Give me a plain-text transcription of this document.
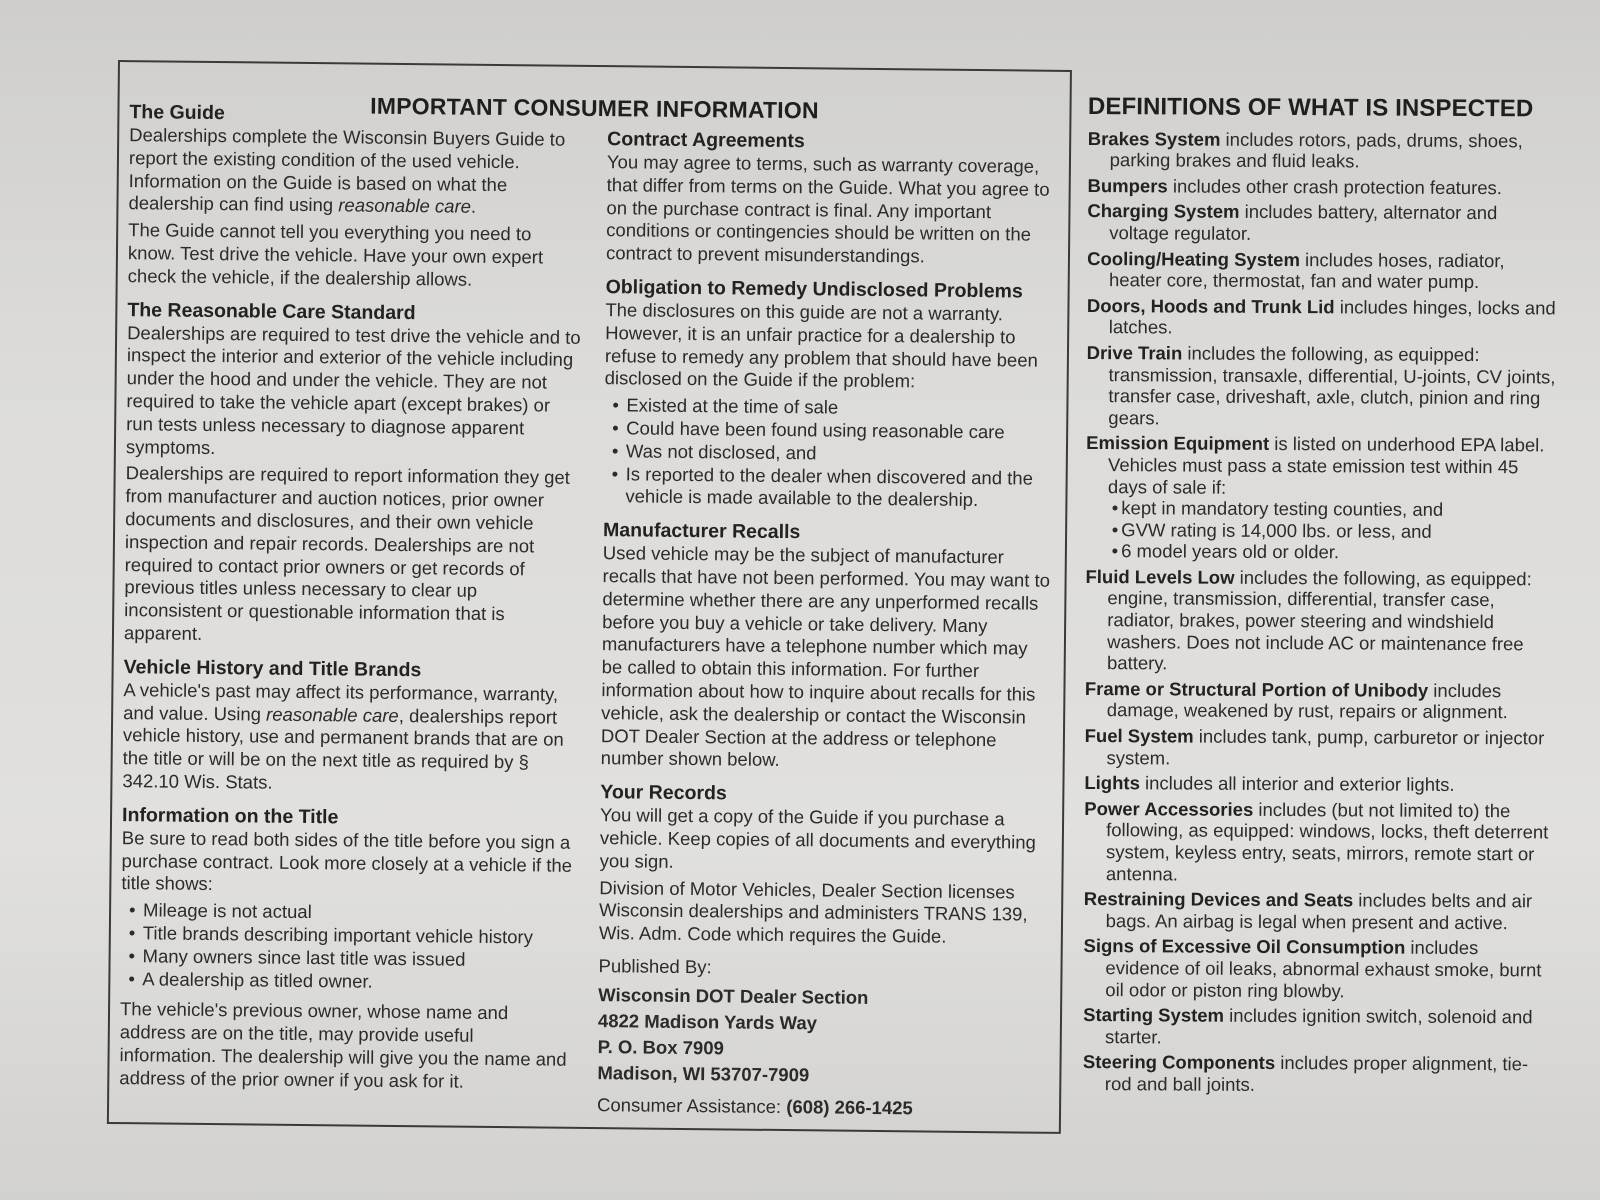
IMPORTANT CONSUMER INFORMATION
The Guide

Dealerships complete the Wisconsin Buyers Guide to report the existing condition of the used vehicle. Information on the Guide is based on what the dealership can find using reasonable care.

The Guide cannot tell you everything you need to know. Test drive the vehicle. Have your own expert check the vehicle, if the dealership allows.

The Reasonable Care Standard

Dealerships are required to test drive the vehicle and to inspect the interior and exterior of the vehicle including under the hood and under the vehicle. They are not required to take the vehicle apart (except brakes) or run tests unless necessary to diagnose apparent symptoms.

Dealerships are required to report information they get from manufacturer and auction notices, prior owner documents and disclosures, and their own vehicle inspection and repair records. Dealerships are not required to contact prior owners or get records of previous titles unless necessary to clear up inconsistent or questionable information that is apparent.

Vehicle History and Title Brands

A vehicle's past may affect its performance, warranty, and value. Using reasonable care, dealerships report vehicle history, use and permanent brands that are on the title or will be on the next title as required by § 342.10 Wis. Stats.

Information on the Title

Be sure to read both sides of the title before you sign a purchase contract. Look more closely at a vehicle if the title shows:

• Mileage is not actual
• Title brands describing important vehicle history
• Many owners since last title was issued
• A dealership as titled owner.

The vehicle's previous owner, whose name and address are on the title, may provide useful information. The dealership will give you the name and address of the prior owner if you ask for it.

Contract Agreements

You may agree to terms, such as warranty coverage, that differ from terms on the Guide. What you agree to on the purchase contract is final. Any important conditions or contingencies should be written on the contract to prevent misunderstandings.

Obligation to Remedy Undisclosed Problems

The disclosures on this guide are not a warranty. However, it is an unfair practice for a dealership to refuse to remedy any problem that should have been disclosed on the Guide if the problem:

• Existed at the time of sale
• Could have been found using reasonable care
• Was not disclosed, and
• Is reported to the dealer when discovered and the vehicle is made available to the dealership.
Manufacturer Recalls

Used vehicle may be the subject of manufacturer recalls that have not been performed. You may want to determine whether there are any unperformed recalls before you buy a vehicle or take delivery. Many manufacturers have a telephone number which may be called to obtain this information. For further information about how to inquire about recalls for this vehicle, ask the dealership or contact the Wisconsin DOT Dealer Section at the address or telephone number shown below.

Your Records

You will get a copy of the Guide if you purchase a vehicle. Keep copies of all documents and everything you sign.

Division of Motor Vehicles, Dealer Section licenses Wisconsin dealerships and administers TRANS 139, Wis. Adm. Code which requires the Guide.

Published By:

Wisconsin DOT Dealer Section
4822 Madison Yards Way
P. O. Box 7909
Madison, WI 53707-7909

Consumer Assistance: (608) 266-1425

DEFINITIONS OF WHAT IS INSPECTED

Brakes System includes rotors, pads, drums, shoes, parking brakes and fluid leaks.

Bumpers includes other crash protection features.

Charging System includes battery, alternator and voltage regulator.

Cooling/Heating System includes hoses, radiator, heater core, thermostat, fan and water pump.

Doors, Hoods and Trunk Lid includes hinges, locks and latches.

Drive Train includes the following, as equipped: transmission, transaxle, differential, U-joints, CV joints, transfer case, driveshaft, axle, clutch, pinion and ring gears.

Emission Equipment is listed on underhood EPA label. Vehicles must pass a state emission test within 45 days of sale if:
• kept in mandatory testing counties, and
• GVW rating is 14,000 lbs. or less, and
• 6 model years old or older.

Fluid Levels Low includes the following, as equipped: engine, transmission, differential, transfer case, radiator, brakes, power steering and windshield washers. Does not include AC or maintenance free battery.

Frame or Structural Portion of Unibody includes damage, weakened by rust, repairs or alignment.

Fuel System includes tank, pump, carburetor or injector system.

Lights includes all interior and exterior lights.

Power Accessories includes (but not limited to) the following, as equipped: windows, locks, theft deterrent system, keyless entry, seats, mirrors, remote start or antenna.

Restraining Devices and Seats includes belts and air bags. An airbag is legal when present and active.

Signs of Excessive Oil Consumption includes evidence of oil leaks, abnormal exhaust smoke, burnt oil odor or piston ring blowby.

Starting System includes ignition switch, solenoid and starter.

Steering Components includes proper alignment, tie-rod and ball joints.
